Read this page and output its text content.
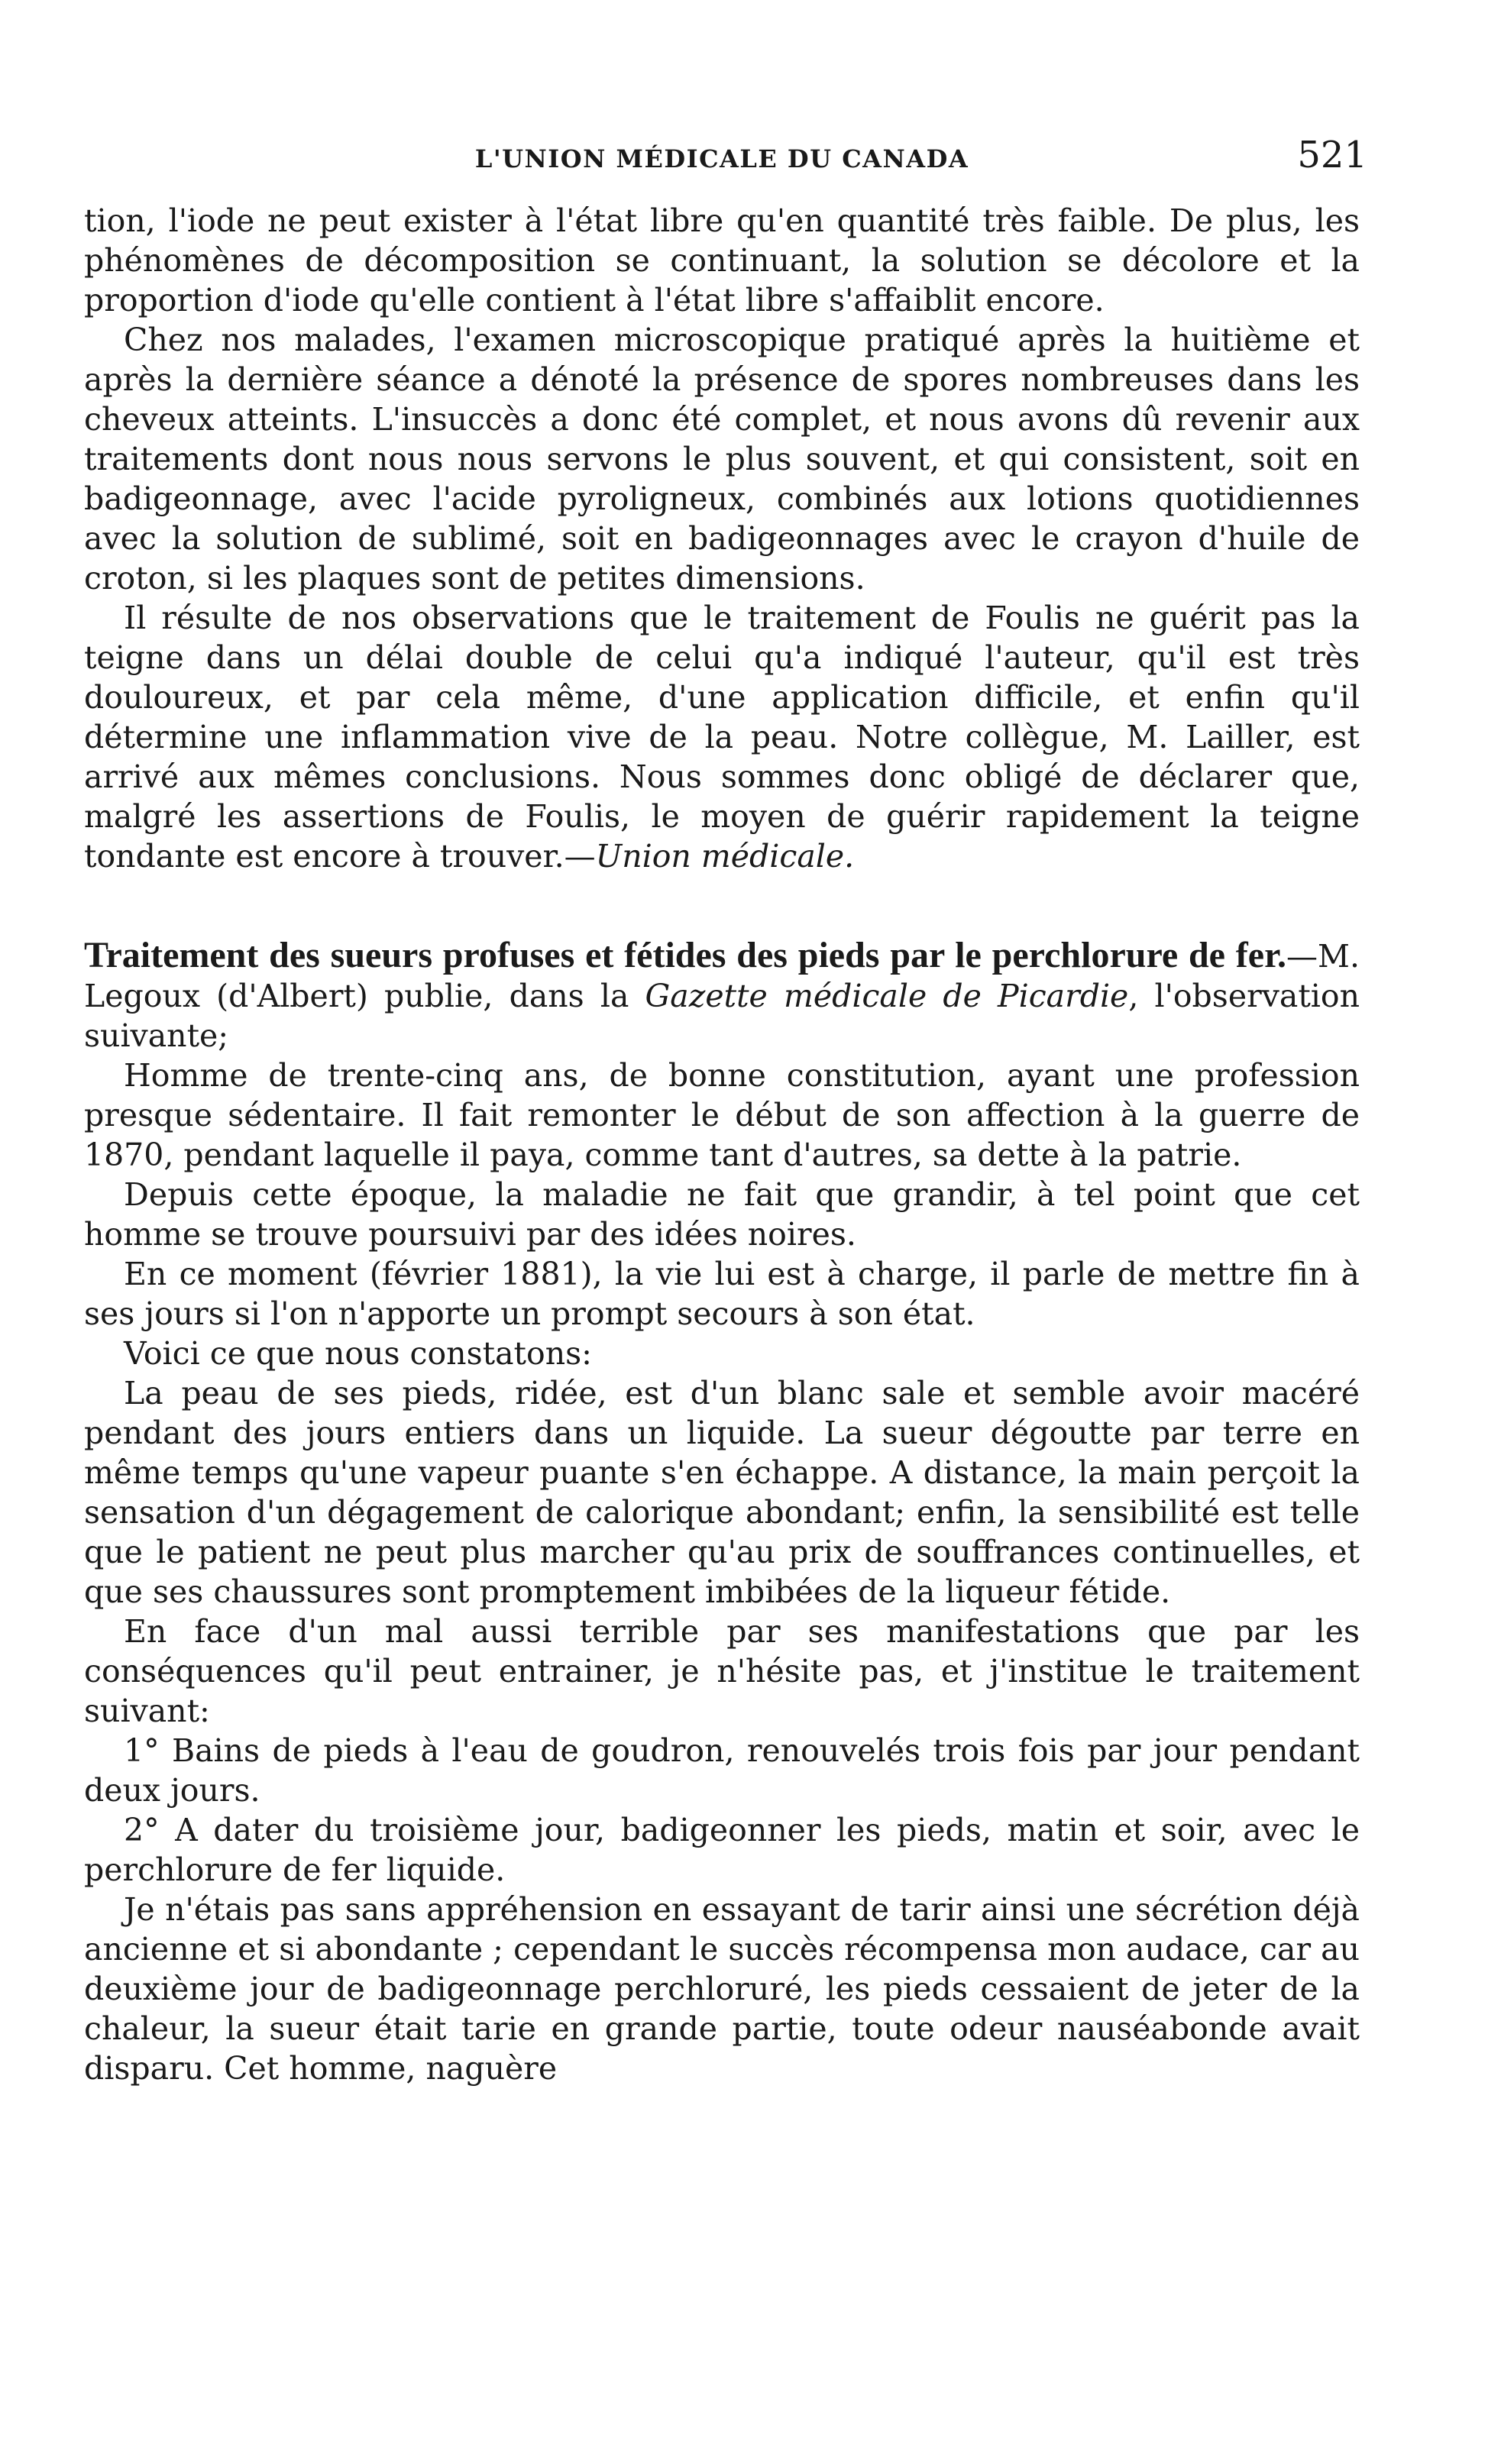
L'UNION MÉDICALE DU CANADA	521

tion, l'iode ne peut exister à l'état libre qu'en quantité très faible. De plus, les phénomènes de décomposition se continuant, la solution se décolore et la proportion d'iode qu'elle contient à l'état libre s'affaiblit encore.

Chez nos malades, l'examen microscopique pratiqué après la huitième et après la dernière séance a dénoté la présence de spores nombreuses dans les cheveux atteints. L'insuccès a donc été complet, et nous avons dû revenir aux traitements dont nous nous servons le plus souvent, et qui consistent, soit en badigeonnage, avec l'acide pyroligneux, combinés aux lotions quotidiennes avec la solution de sublimé, soit en badigeonnages avec le crayon d'huile de croton, si les plaques sont de petites dimensions.

Il résulte de nos observations que le traitement de Foulis ne guérit pas la teigne dans un délai double de celui qu'a indiqué l'auteur, qu'il est très douloureux, et par cela même, d'une application difficile, et enfin qu'il détermine une inflammation vive de la peau. Notre collègue, M. Lailler, est arrivé aux mêmes conclusions. Nous sommes donc obligé de déclarer que, malgré les assertions de Foulis, le moyen de guérir rapidement la teigne tondante est encore à trouver.—Union médicale.

Traitement des sueurs profuses et fétides des pieds par le perchlorure de fer.—M. Legoux (d'Albert) publie, dans la Gazette médicale de Picardie, l'observation suivante;

Homme de trente-cinq ans, de bonne constitution, ayant une profession presque sédentaire. Il fait remonter le début de son affection à la guerre de 1870, pendant laquelle il paya, comme tant d'autres, sa dette à la patrie.

Depuis cette époque, la maladie ne fait que grandir, à tel point que cet homme se trouve poursuivi par des idées noires.

En ce moment (février 1881), la vie lui est à charge, il parle de mettre fin à ses jours si l'on n'apporte un prompt secours à son état.

Voici ce que nous constatons:

La peau de ses pieds, ridée, est d'un blanc sale et semble avoir macéré pendant des jours entiers dans un liquide. La sueur dégoutte par terre en même temps qu'une vapeur puante s'en échappe. A distance, la main perçoit la sensation d'un dégagement de calorique abondant; enfin, la sensibilité est telle que le patient ne peut plus marcher qu'au prix de souffrances continuelles, et que ses chaussures sont promptement imbibées de la liqueur fétide.

En face d'un mal aussi terrible par ses manifestations que par les conséquences qu'il peut entrainer, je n'hésite pas, et j'institue le traitement suivant:

1° Bains de pieds à l'eau de goudron, renouvelés trois fois par jour pendant deux jours.

2° A dater du troisième jour, badigeonner les pieds, matin et soir, avec le perchlorure de fer liquide.

Je n'étais pas sans appréhension en essayant de tarir ainsi une sécrétion déjà ancienne et si abondante ; cependant le succès récompensa mon audace, car au deuxième jour de badigeonnage perchloruré, les pieds cessaient de jeter de la chaleur, la sueur était tarie en grande partie, toute odeur nauséabonde avait disparu. Cet homme, naguère
